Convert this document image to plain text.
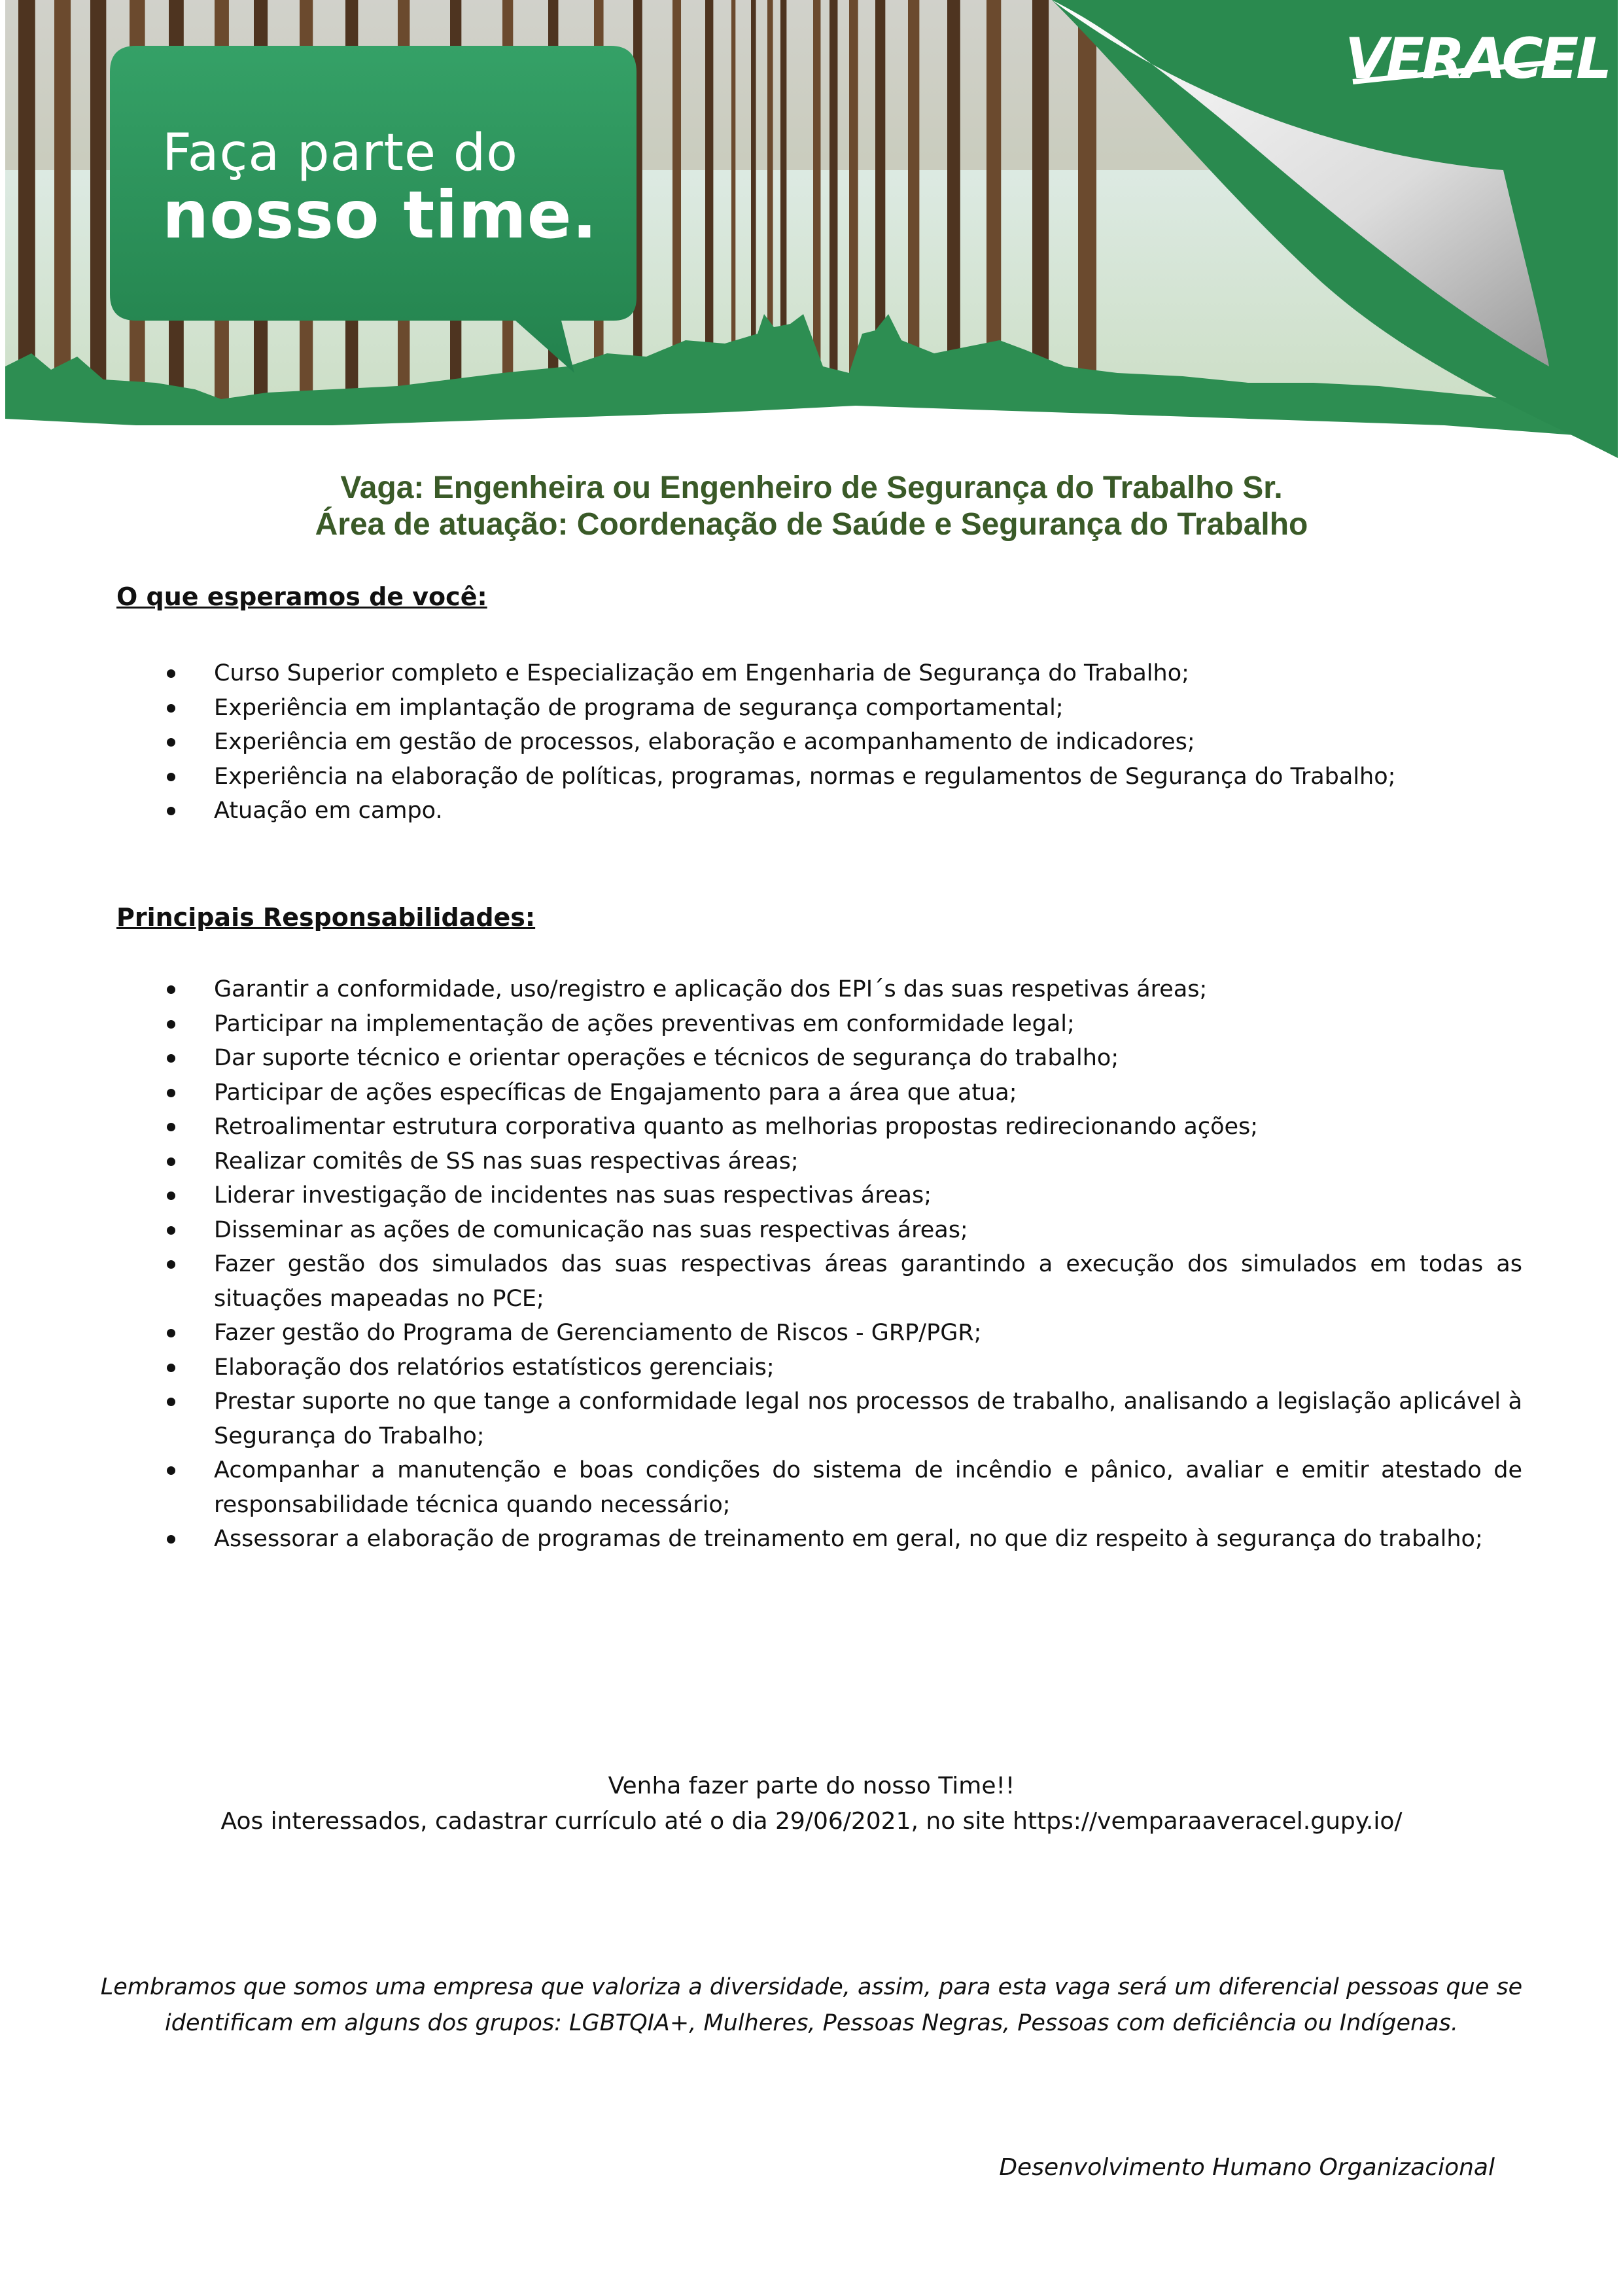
Faça parte do
nosso time.
VERACEL
Vaga: Engenheira ou Engenheiro de Segurança do Trabalho Sr.
Área de atuação: Coordenação de Saúde e Segurança do Trabalho
O que esperamos de você:
Curso Superior completo e Especialização em Engenharia de Segurança do Trabalho;
Experiência em implantação de programa de segurança comportamental;
Experiência em gestão de processos, elaboração e acompanhamento de indicadores;
Experiência na elaboração de políticas, programas, normas e regulamentos de Segurança do Trabalho;
Atuação em campo.
Principais Responsabilidades:
Garantir a conformidade, uso/registro e aplicação dos EPI´s das suas respetivas áreas;
Participar na implementação de ações preventivas em conformidade legal;
Dar suporte técnico e orientar operações e técnicos de segurança do trabalho;
Participar de ações específicas de Engajamento para a área que atua;
Retroalimentar estrutura corporativa quanto as melhorias propostas redirecionando ações;
Realizar comitês de SS nas suas respectivas áreas;
Liderar investigação de incidentes nas suas respectivas áreas;
Disseminar as ações de comunicação nas suas respectivas áreas;
Fazer gestão dos simulados das suas respectivas áreas garantindo a execução dos simulados em todas as situações mapeadas no PCE;
Fazer gestão do Programa de Gerenciamento de Riscos - GRP/PGR;
Elaboração dos relatórios estatísticos gerenciais;
Prestar suporte no que tange a conformidade legal nos processos de trabalho, analisando a legislação aplicável à Segurança do Trabalho;
Acompanhar a manutenção e boas condições do sistema de incêndio e pânico, avaliar e emitir atestado de responsabilidade técnica quando necessário;
Assessorar a elaboração de programas de treinamento em geral, no que diz respeito à segurança do trabalho;
Venha fazer parte do nosso Time!!
Aos interessados, cadastrar currículo até o dia 29/06/2021, no site https://vemparaaveracel.gupy.io/
Lembramos que somos uma empresa que valoriza a diversidade, assim, para esta vaga será um diferencial pessoas que se
identificam em alguns dos grupos: LGBTQIA+, Mulheres, Pessoas Negras, Pessoas com deficiência ou Indígenas.
Desenvolvimento Humano Organizacional
